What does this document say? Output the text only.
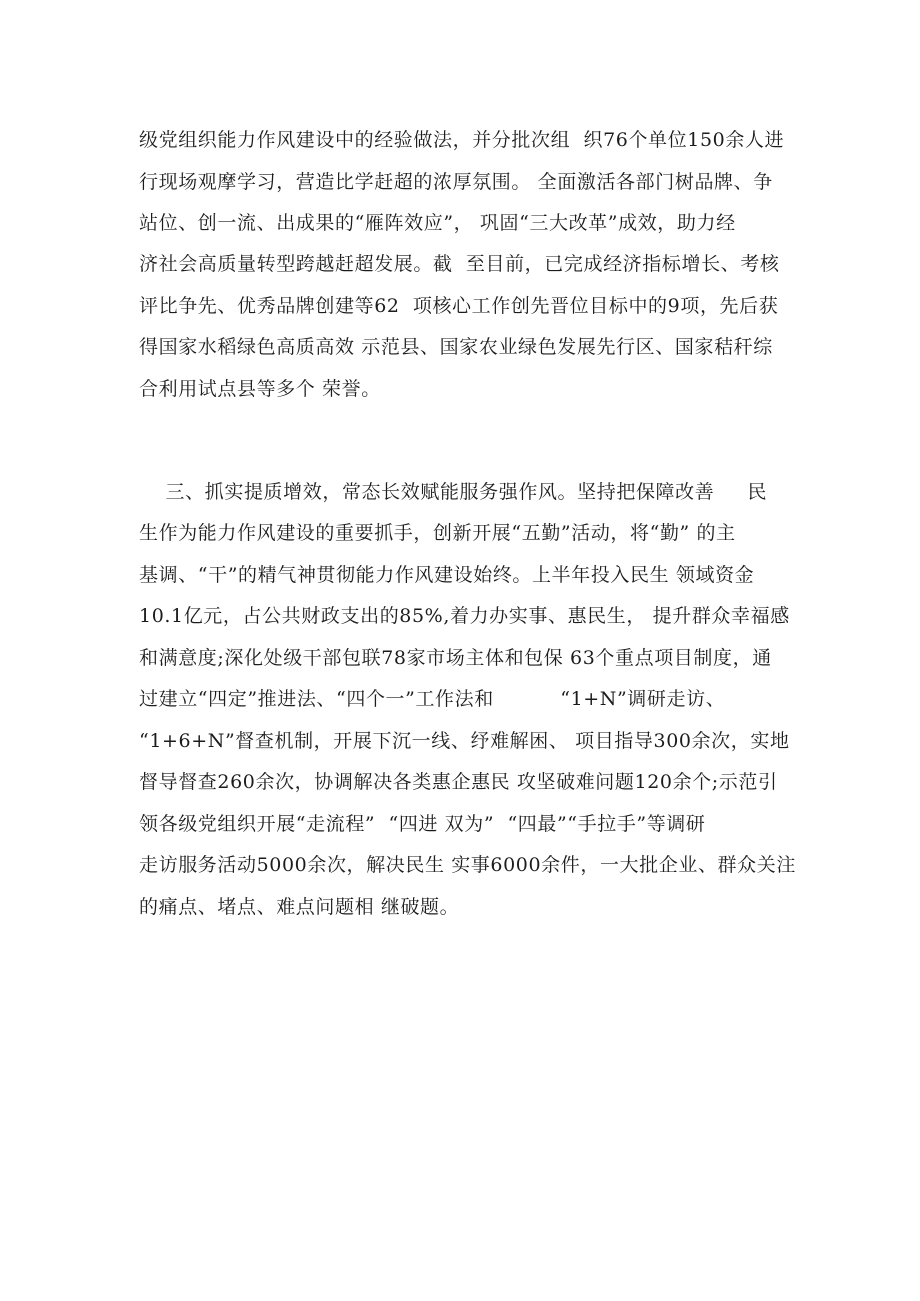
级党组织能力作风建设中的经验做法，并分批次组  织76个单位150余人进
行现场观摩学习，营造比学赶超的浓厚氛围。 全面激活各部门树品牌、争
站位、创一流、出成果的“雁阵效应”， 巩固“三大改革”成效，助力经
济社会高质量转型跨越赶超发展。截  至目前，已完成经济指标增长、考核
评比争先、优秀品牌创建等62  项核心工作创先晋位目标中的9项，先后获
得国家水稻绿色高质高效 示范县、国家农业绿色发展先行区、国家秸秆综
合利用试点县等多个 荣誉。
三、抓实提质增效，常态长效赋能服务强作风。坚持把保障改善     民
生作为能力作风建设的重要抓手，创新开展“五勤”活动，将“勤” 的主
基调、“干”的精气神贯彻能力作风建设始终。上半年投入民生 领域资金
10.1亿元，占公共财政支出的85%,着力办实事、惠民生， 提升群众幸福感
和满意度;深化处级干部包联78家市场主体和包保 63个重点项目制度，通
过建立“四定”推进法、“四个一”工作法和          “1+N”调研走访、
“1+6+N”督查机制，开展下沉一线、纾难解困、 项目指导300余次，实地
督导督查260余次，协调解决各类惠企惠民 攻坚破难问题120余个;示范引
领各级党组织开展“走流程”  “四进 双为”  “四最”“手拉手”等调研
走访服务活动5000余次，解决民生 实事6000余件，一大批企业、群众关注
的痛点、堵点、难点问题相 继破题。
